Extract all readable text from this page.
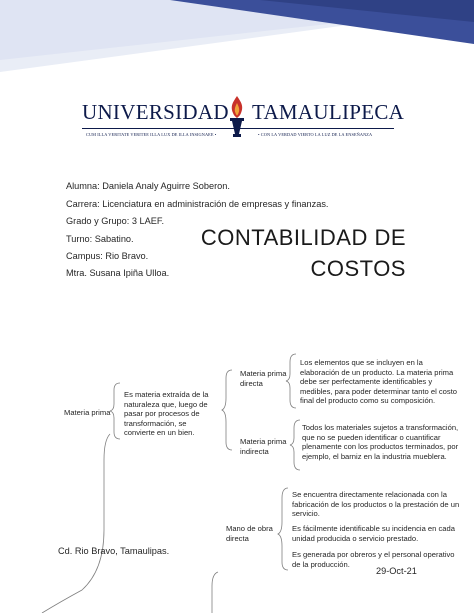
UNIVERSIDAD TAMAULIPECA
CUM ILLA VERITATE VERITEE ILLA LUX DE ILLA INSIGNAEE •	• CON LA VERDAD VIERTO LA LUZ DE LA ENSEÑANZA
Alumna: Daniela Analy Aguirre Soberon.
Carrera: Licenciatura en administración de empresas y finanzas.
Grado y Grupo: 3 LAEF.
Turno: Sabatino.
Campus: Rio Bravo.
Mtra. Susana Ipiña Ulloa.
CONTABILIDAD DE
COSTOS
Materia prima
Es materia extraída de la naturaleza que, luego de pasar por procesos de transformación, se convierte en un bien.
Materia prima directa
Los elementos que se incluyen en la elaboración de un producto. La materia prima debe ser perfectamente identificables y medibles, para poder determinar tanto el costo final del producto como su composición.
Materia prima indirecta
Todos los materiales sujetos a transformación, que no se pueden identificar o cuantificar plenamente con los productos terminados, por ejemplo, el barniz en la industria mueblera.
Mano de obra directa
Se encuentra directamente relacionada con la fabricación de los productos o la prestación de un servicio.
Es fácilmente identificable su incidencia en cada unidad producida o servicio prestado.
Es generada por obreros y el personal operativo de la producción.
Cd. Rio Bravo, Tamaulipas.
29-Oct-21
